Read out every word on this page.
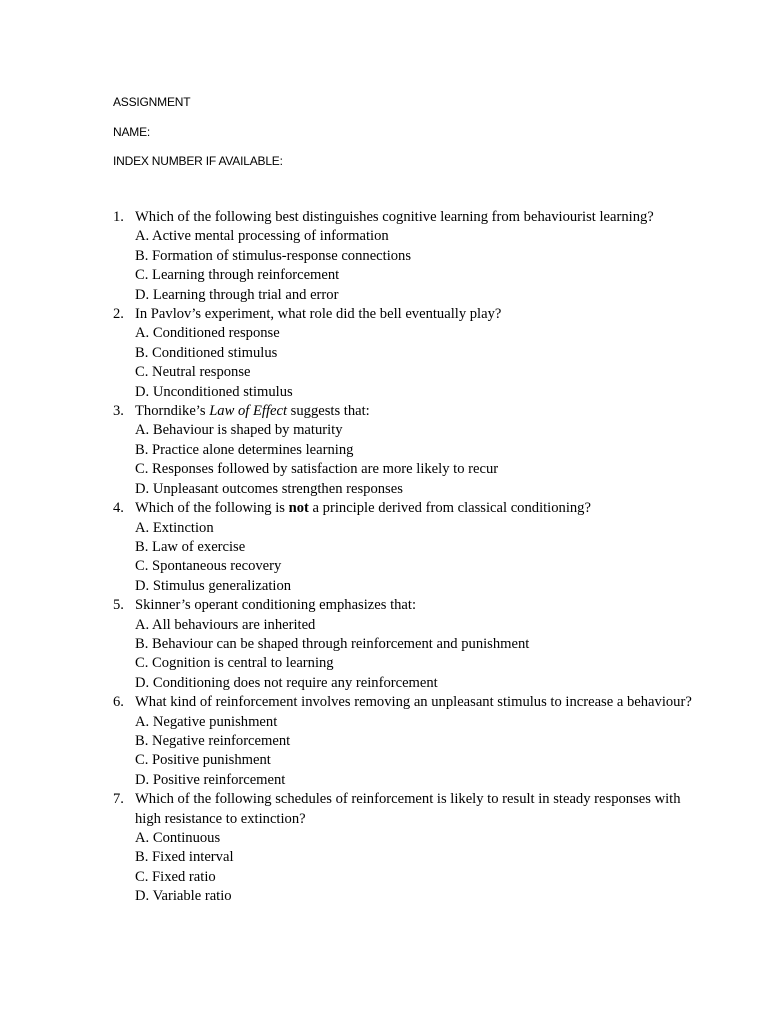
ASSIGNMENT
NAME:
INDEX NUMBER IF AVAILABLE:
1. Which of the following best distinguishes cognitive learning from behaviourist learning?
A. Active mental processing of information
B. Formation of stimulus-response connections
C. Learning through reinforcement
D. Learning through trial and error
2. In Pavlov’s experiment, what role did the bell eventually play?
A. Conditioned response
B. Conditioned stimulus
C. Neutral response
D. Unconditioned stimulus
3. Thorndike’s Law of Effect suggests that:
A. Behaviour is shaped by maturity
B. Practice alone determines learning
C. Responses followed by satisfaction are more likely to recur
D. Unpleasant outcomes strengthen responses
4. Which of the following is not a principle derived from classical conditioning?
A. Extinction
B. Law of exercise
C. Spontaneous recovery
D. Stimulus generalization
5. Skinner’s operant conditioning emphasizes that:
A. All behaviours are inherited
B. Behaviour can be shaped through reinforcement and punishment
C. Cognition is central to learning
D. Conditioning does not require any reinforcement
6. What kind of reinforcement involves removing an unpleasant stimulus to increase a behaviour?
A. Negative punishment
B. Negative reinforcement
C. Positive punishment
D. Positive reinforcement
7. Which of the following schedules of reinforcement is likely to result in steady responses with high resistance to extinction?
A. Continuous
B. Fixed interval
C. Fixed ratio
D. Variable ratio
